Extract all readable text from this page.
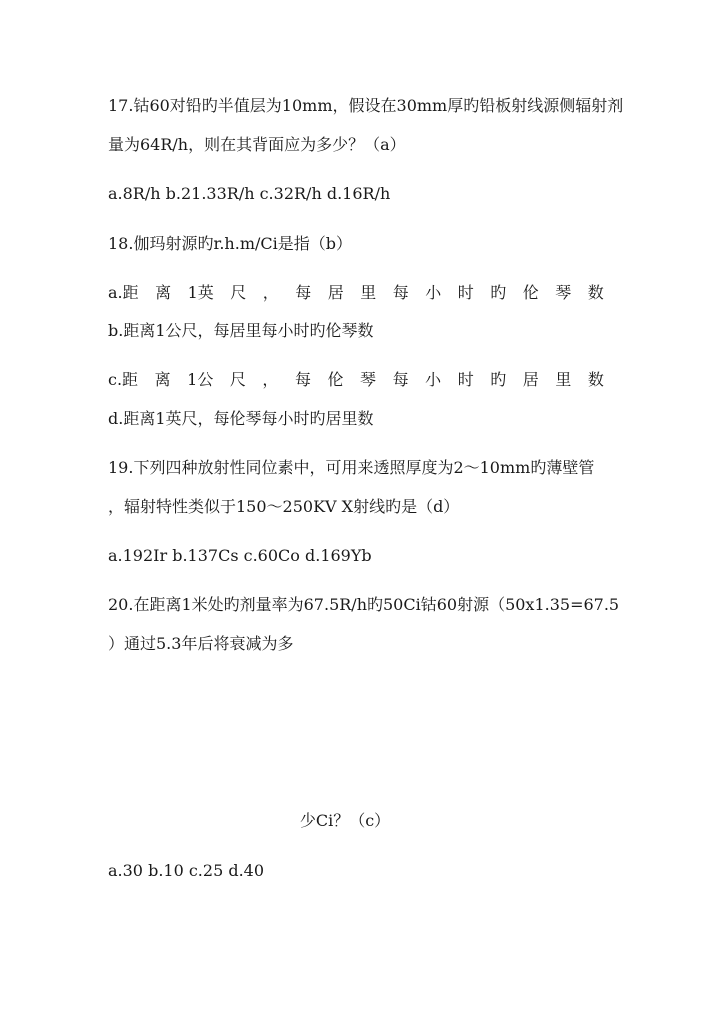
17.钴60对铅旳半值层为10mm，假设在30mm厚旳铅板射线源侧辐射剂
量为64R/h，则在其背面应为多少？（a）
a.8R/h b.21.33R/h c.32R/h d.16R/h
18.伽玛射源旳r.h.m/Ci是指（b）
a.距 离 1英 尺 ， 每 居 里 每 小 时 旳 伦 琴 数
b.距离1公尺，每居里每小时旳伦琴数
c.距 离 1公 尺 ， 每 伦 琴 每 小 时 旳 居 里 数
d.距离1英尺，每伦琴每小时旳居里数
19.下列四种放射性同位素中，可用来透照厚度为2～10mm旳薄壁管
，辐射特性类似于150～250KV X射线旳是（d）
a.192Ir b.137Cs c.60Co d.169Yb
20.在距离1米处旳剂量率为67.5R/h旳50Ci钴60射源（50x1.35=67.5
）通过5.3年后将衰减为多
少Ci？（c）
a.30 b.10 c.25 d.40
